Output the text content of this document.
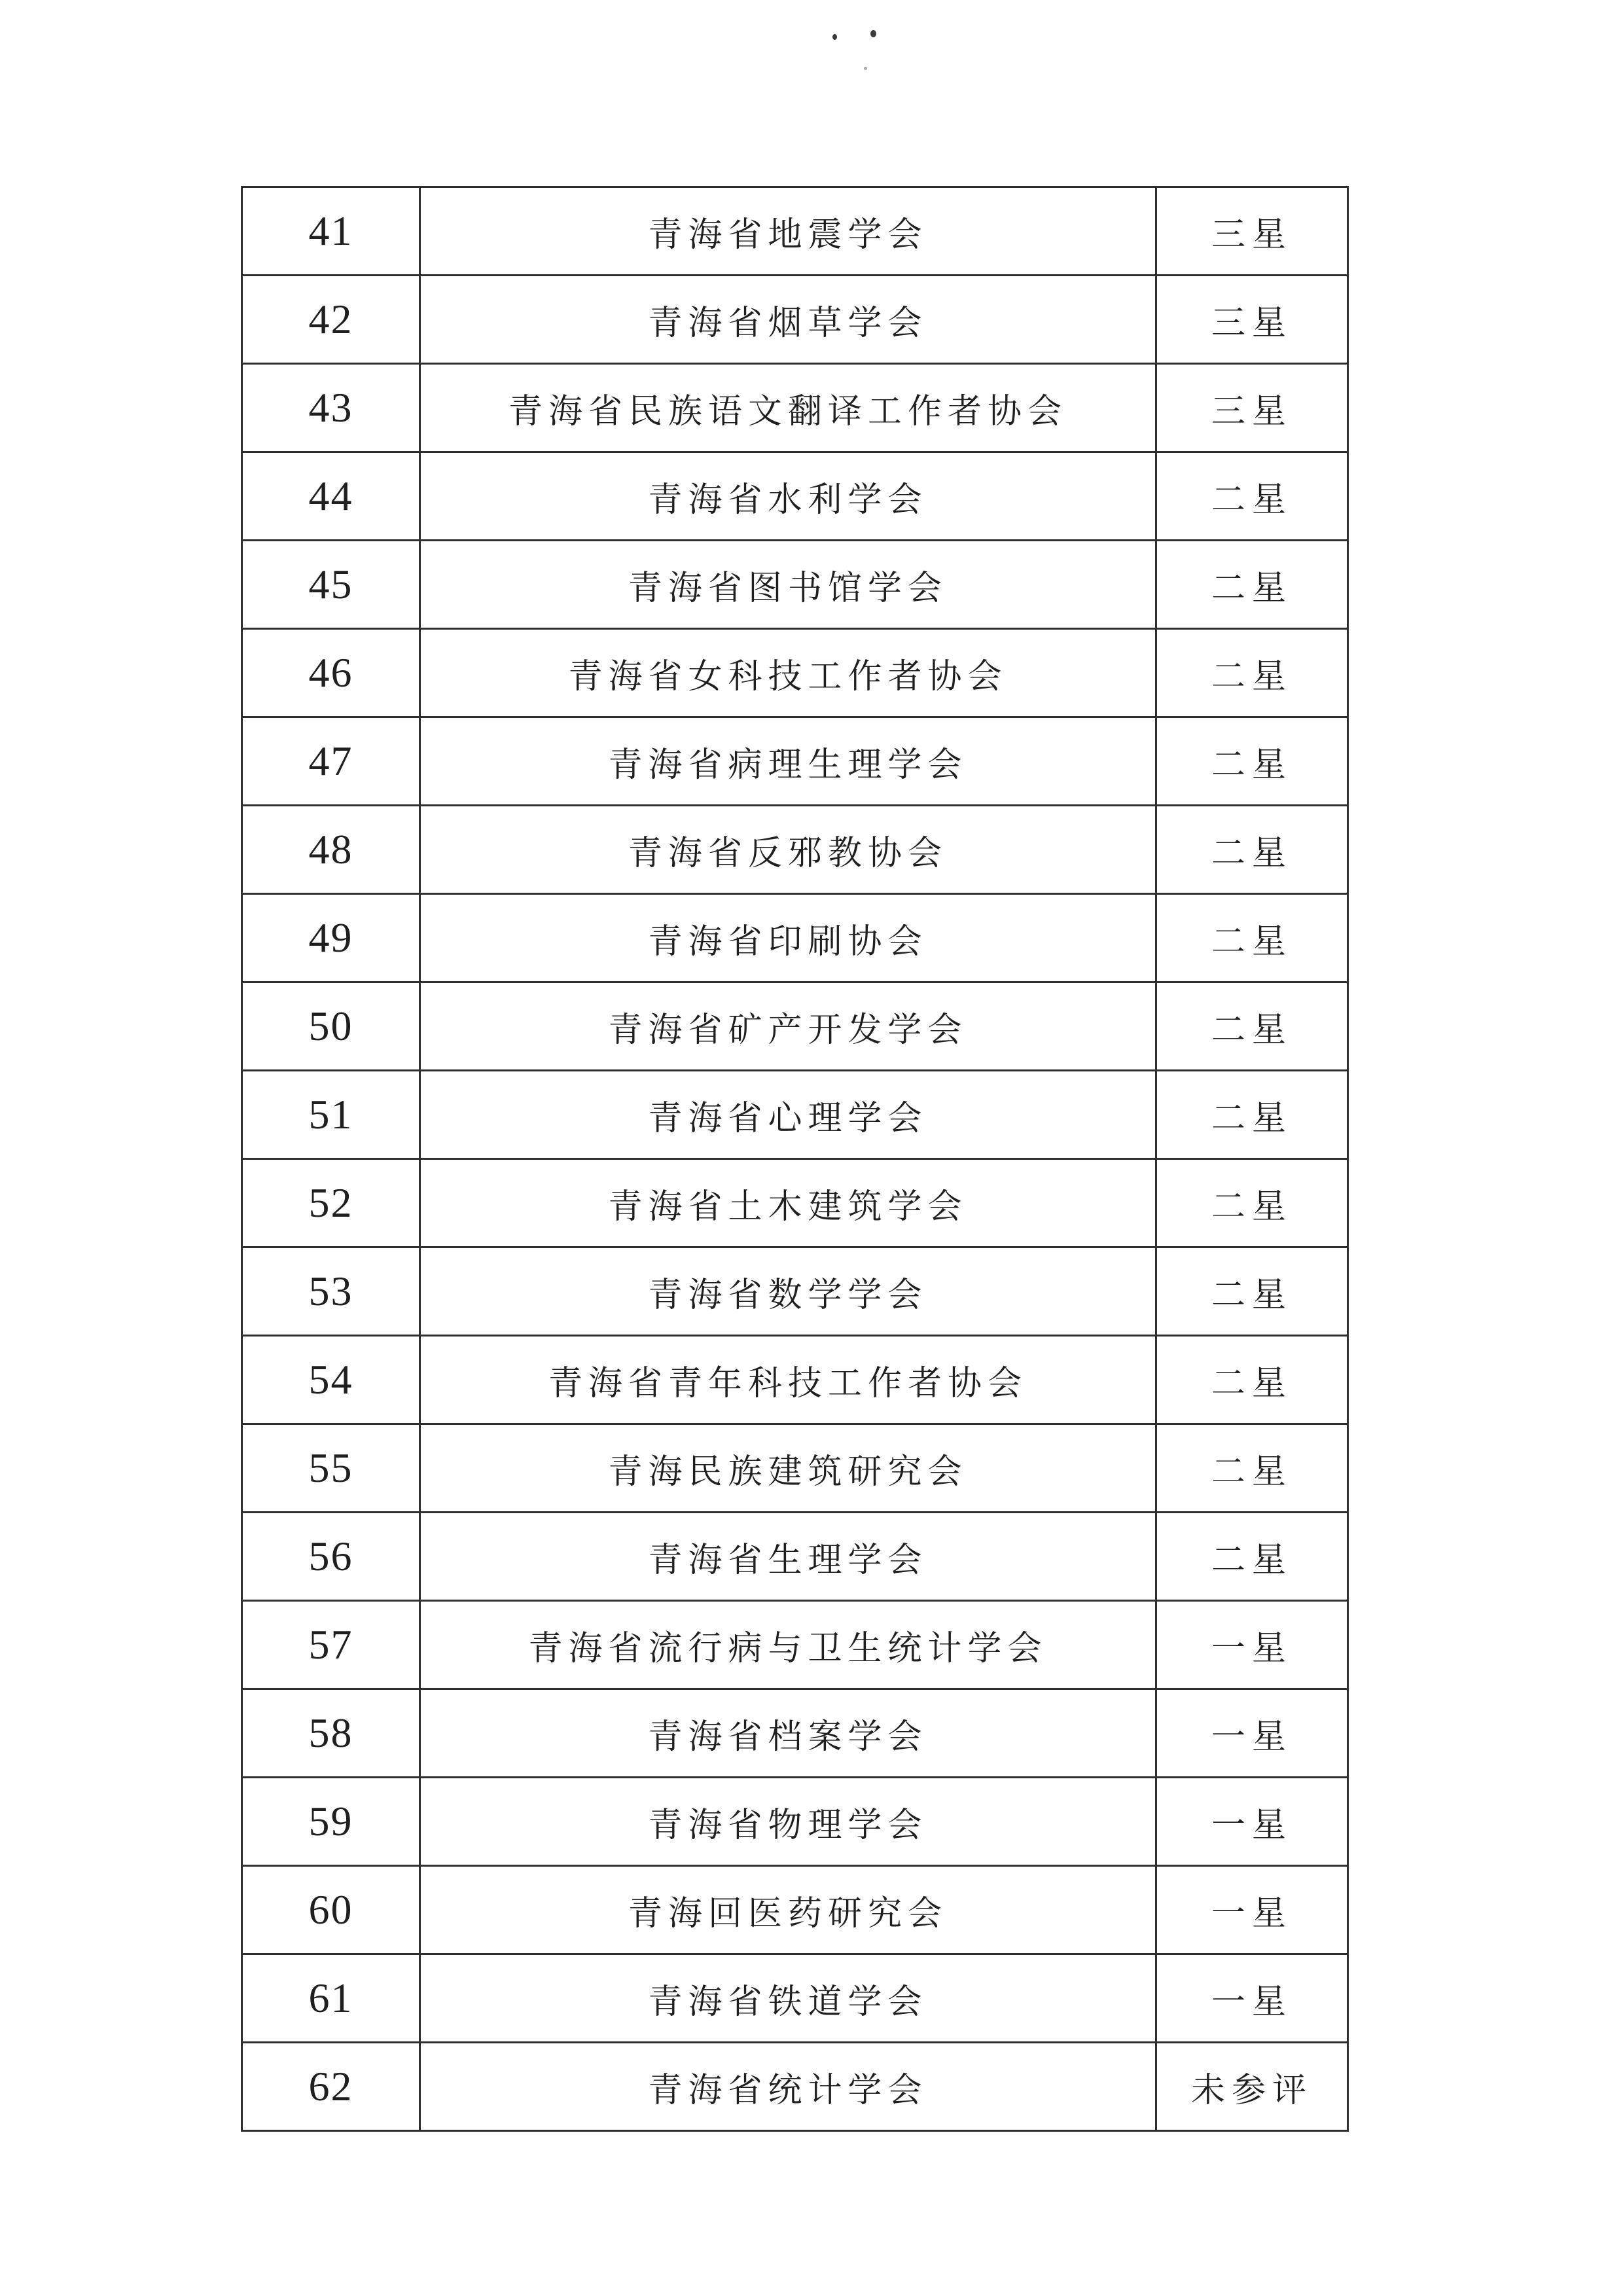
41	青海省地震学会	三星
42	青海省烟草学会	三星
43	青海省民族语文翻译工作者协会	三星
44	青海省水利学会	二星
45	青海省图书馆学会	二星
46	青海省女科技工作者协会	二星
47	青海省病理生理学会	二星
48	青海省反邪教协会	二星
49	青海省印刷协会	二星
50	青海省矿产开发学会	二星
51	青海省心理学会	二星
52	青海省土木建筑学会	二星
53	青海省数学学会	二星
54	青海省青年科技工作者协会	二星
55	青海民族建筑研究会	二星
56	青海省生理学会	二星
57	青海省流行病与卫生统计学会	一星
58	青海省档案学会	一星
59	青海省物理学会	一星
60	青海回医药研究会	一星
61	青海省铁道学会	一星
62	青海省统计学会	未参评
